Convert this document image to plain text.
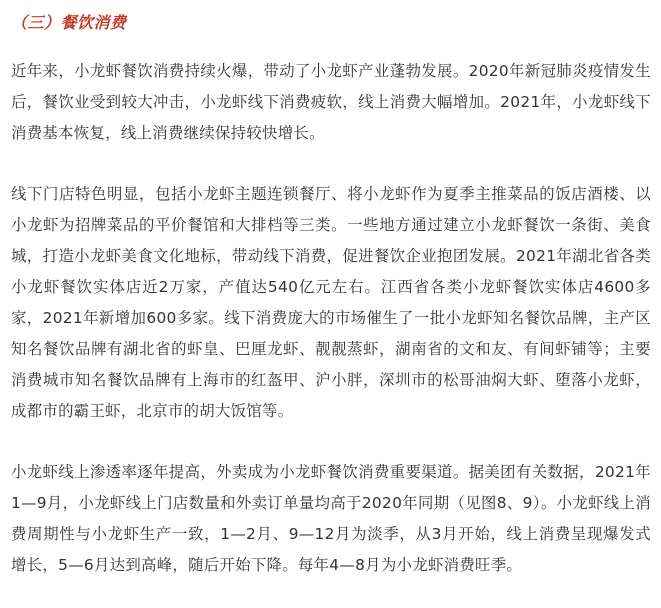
（三）餐饮消费

近年来，小龙虾餐饮消费持续火爆，带动了小龙虾产业蓬勃发展。2020年新冠肺炎疫情发生后，餐饮业受到较大冲击，小龙虾线下消费疲软，线上消费大幅增加。2021年，小龙虾线下消费基本恢复，线上消费继续保持较快增长。

线下门店特色明显，包括小龙虾主题连锁餐厅、将小龙虾作为夏季主推菜品的饭店酒楼、以小龙虾为招牌菜品的平价餐馆和大排档等三类。一些地方通过建立小龙虾餐饮一条街、美食城，打造小龙虾美食文化地标，带动线下消费，促进餐饮企业抱团发展。2021年湖北省各类小龙虾餐饮实体店近2万家，产值达540亿元左右。江西省各类小龙虾餐饮实体店4600多家，2021年新增加600多家。线下消费庞大的市场催生了一批小龙虾知名餐饮品牌，主产区知名餐饮品牌有湖北省的虾皇、巴厘龙虾、靓靓蒸虾，湖南省的文和友、有间虾铺等；主要消费城市知名餐饮品牌有上海市的红盔甲、沪小胖，深圳市的松哥油焖大虾、堕落小龙虾，成都市的霸王虾，北京市的胡大饭馆等。

小龙虾线上渗透率逐年提高，外卖成为小龙虾餐饮消费重要渠道。据美团有关数据，2021年1—9月，小龙虾线上门店数量和外卖订单量均高于2020年同期（见图8、9）。小龙虾线上消费周期性与小龙虾生产一致，1—2月、9—12月为淡季，从3月开始，线上消费呈现爆发式增长，5—6月达到高峰，随后开始下降。每年4—8月为小龙虾消费旺季。
